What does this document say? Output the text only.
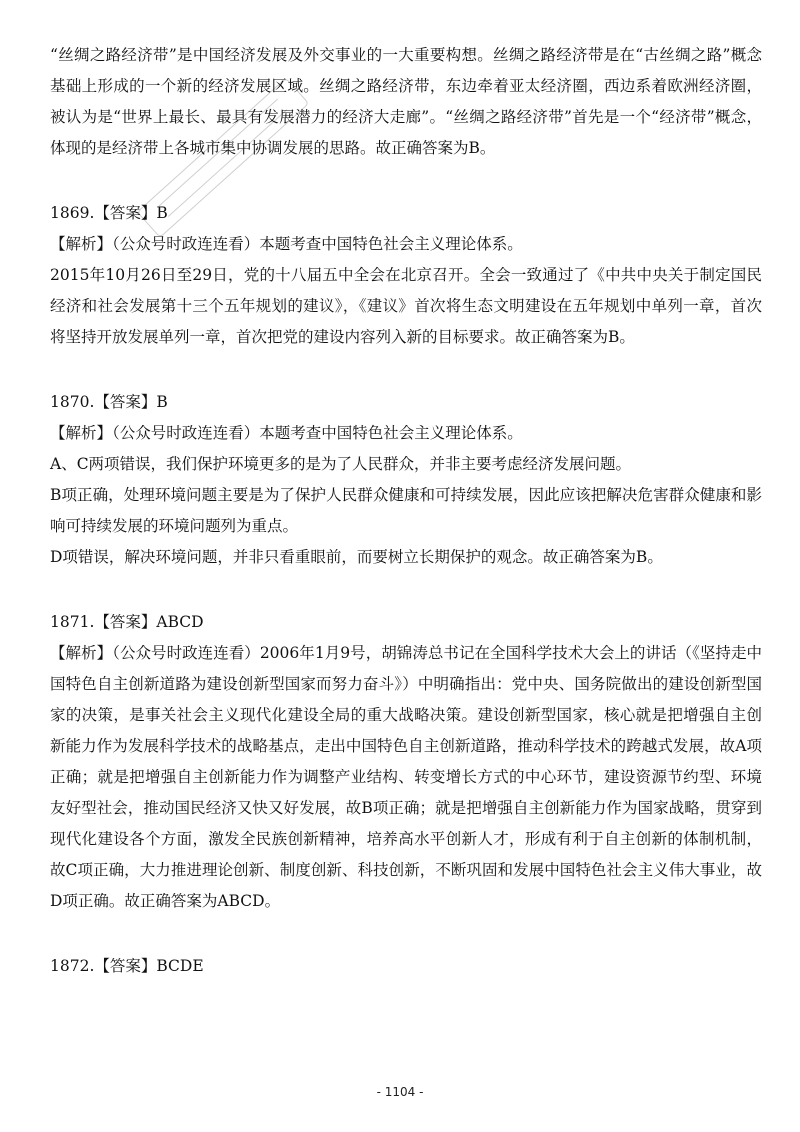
“丝绸之路经济带”是中国经济发展及外交事业的一大重要构想。丝绸之路经济带是在“古丝绸之路”概念基础上形成的一个新的经济发展区域。丝绸之路经济带，东边牵着亚太经济圈，西边系着欧洲经济圈，被认为是“世界上最长、最具有发展潜力的经济大走廊”。“丝绸之路经济带”首先是一个“经济带”概念，体现的是经济带上各城市集中协调发展的思路。故正确答案为B。

1869.【答案】B

【解析】（公众号时政连连看）本题考查中国特色社会主义理论体系。

2015年10月26日至29日，党的十八届五中全会在北京召开。全会一致通过了《中共中央关于制定国民经济和社会发展第十三个五年规划的建议》，《建议》首次将生态文明建设在五年规划中单列一章，首次将坚持开放发展单列一章，首次把党的建设内容列入新的目标要求。故正确答案为B。

1870.【答案】B

【解析】（公众号时政连连看）本题考查中国特色社会主义理论体系。

A、C两项错误，我们保护环境更多的是为了人民群众，并非主要考虑经济发展问题。

B项正确，处理环境问题主要是为了保护人民群众健康和可持续发展，因此应该把解决危害群众健康和影响可持续发展的环境问题列为重点。

D项错误，解决环境问题，并非只看重眼前，而要树立长期保护的观念。故正确答案为B。

1871.【答案】ABCD

【解析】（公众号时政连连看）2006年1月9号，胡锦涛总书记在全国科学技术大会上的讲话（《坚持走中国特色自主创新道路为建设创新型国家而努力奋斗》）中明确指出：党中央、国务院做出的建设创新型国家的决策，是事关社会主义现代化建设全局的重大战略决策。建设创新型国家，核心就是把增强自主创新能力作为发展科学技术的战略基点，走出中国特色自主创新道路，推动科学技术的跨越式发展，故A项正确；就是把增强自主创新能力作为调整产业结构、转变增长方式的中心环节，建设资源节约型、环境友好型社会，推动国民经济又快又好发展，故B项正确；就是把增强自主创新能力作为国家战略，贯穿到现代化建设各个方面，激发全民族创新精神，培养高水平创新人才，形成有利于自主创新的体制机制，故C项正确，大力推进理论创新、制度创新、科技创新，不断巩固和发展中国特色社会主义伟大事业，故D项正确。故正确答案为ABCD。

1872.【答案】BCDE

- 1104 -
